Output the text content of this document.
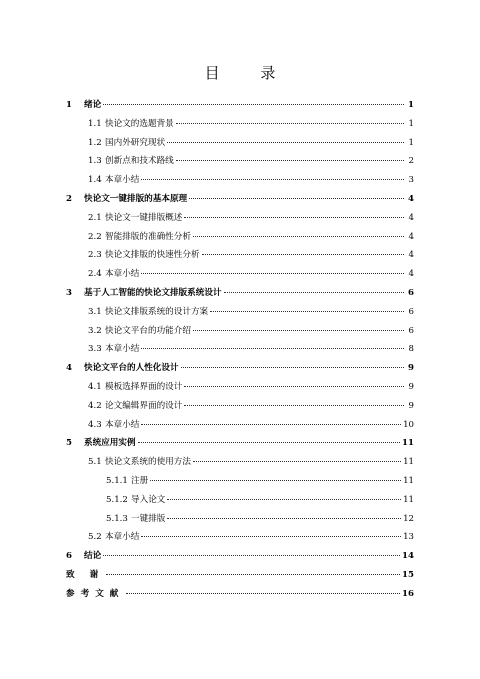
目 录
1	绪论	1
1.1 快论文的选题背景	1
1.2 国内外研究现状	1
1.3 创新点和技术路线	2
1.4 本章小结	3
2	快论文一键排版的基本原理	4
2.1 快论文一键排版概述	4
2.2 智能排版的准确性分析	4
2.3 快论文排版的快速性分析	4
2.4 本章小结	4
3	基于人工智能的快论文排版系统设计	6
3.1 快论文排版系统的设计方案	6
3.2 快论文平台的功能介绍	6
3.3 本章小结	8
4	快论文平台的人性化设计	9
4.1 模板选择界面的设计	9
4.2 论文编辑界面的设计	9
4.3 本章小结	10
5	系统应用实例	11
5.1 快论文系统的使用方法	11
5.1.1 注册	11
5.1.2 导入论文	11
5.1.3 一键排版	12
5.2 本章小结	13
6	结论	14
致 谢	15
参考文献	16
